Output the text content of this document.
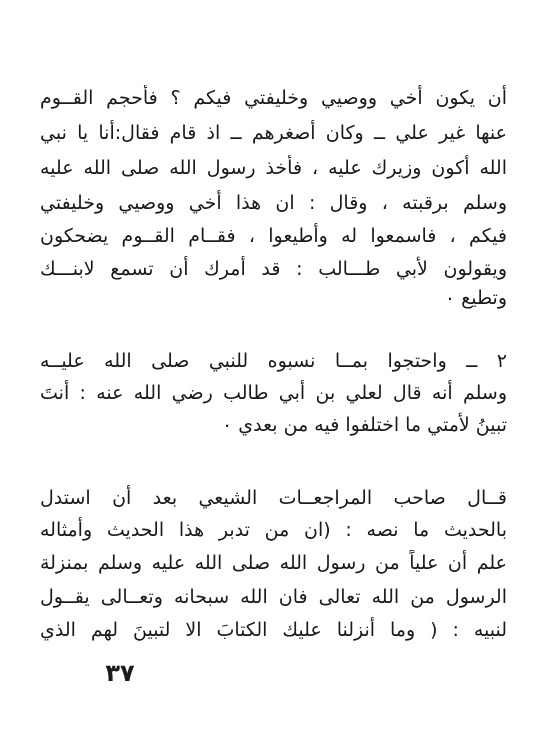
أن يكون أخي ووصيي وخليفتي فيكم ؟ فأحجم القــوم
عنها غير علي ــ وكان أصغرهم ــ اذ قام فقال:أنا يا نبي
الله أكون وزيرك عليه ، فأخذ رسول الله صلى الله عليه
وسلم برقبته ، وقال : ان هذا أخي ووصيي وخليفتي
فيكم ، فاسمعوا له وأطيعوا ، فقــام القــوم يضحكون
ويقولون لأبي طـــالب : قد أمرك أن تسمع لابنـــك
وتطيع ٠
٢ ــ واحتجوا بمــا نسبوه للنبي صلى الله عليــه
وسلم أنه قال لعلي بن أبي طالب رضي الله عنه : أنتَ
تبينُ لأمتي ما اختلفوا فيه من بعدي ٠
قــال صاحب المراجعــات الشيعي بعد أن استدل
بالحديث ما نصه : (ان من تدبر هذا الحديث وأمثاله
علم أن علياً من رسول الله صلى الله عليه وسلم بمنزلة
الرسول من الله تعالى فان الله سبحانه وتعــالى يقــول
لنبيه : ( وما أنزلنا عليك الكتابَ الا لتبينَ لهم الذي
٣٧
